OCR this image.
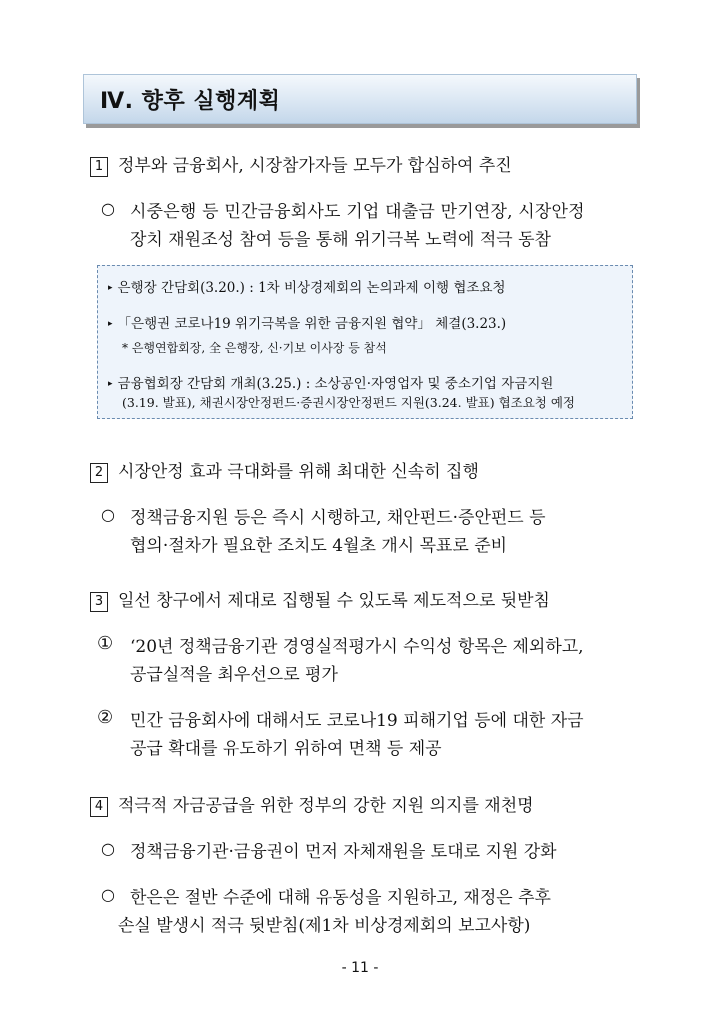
Ⅳ. 향후 실행계획
1 정부와 금융회사, 시장참가자들 모두가 합심하여 추진
○ 시중은행 등 민간금융회사도 기업 대출금 만기연장, 시장안정
장치 재원조성 참여 등을 통해 위기극복 노력에 적극 동참
▸ 은행장 간담회(3.20.) : 1차 비상경제회의 논의과제 이행 협조요청
▸ 「은행권 코로나19 위기극복을 위한 금융지원 협약」 체결(3.23.)
* 은행연합회장, 全 은행장, 신·기보 이사장 등 참석
▸ 금융협회장 간담회 개최(3.25.) : 소상공인·자영업자 및 중소기업 자금지원
(3.19. 발표), 채권시장안정펀드·증권시장안정펀드 지원(3.24. 발표) 협조요청 예정
2 시장안정 효과 극대화를 위해 최대한 신속히 집행
○ 정책금융지원 등은 즉시 시행하고, 채안펀드·증안펀드 등
협의·절차가 필요한 조치도 4월초 개시 목표로 준비
3 일선 창구에서 제대로 집행될 수 있도록 제도적으로 뒷받침
① ‘20년 정책금융기관 경영실적평가시 수익성 항목은 제외하고,
공급실적을 최우선으로 평가
② 민간 금융회사에 대해서도 코로나19 피해기업 등에 대한 자금
공급 확대를 유도하기 위하여 면책 등 제공
4 적극적 자금공급을 위한 정부의 강한 지원 의지를 재천명
○ 정책금융기관·금융권이 먼저 자체재원을 토대로 지원 강화
○ 한은은 절반 수준에 대해 유동성을 지원하고, 재정은 추후
손실 발생시 적극 뒷받침(제1차 비상경제회의 보고사항)
- 11 -
